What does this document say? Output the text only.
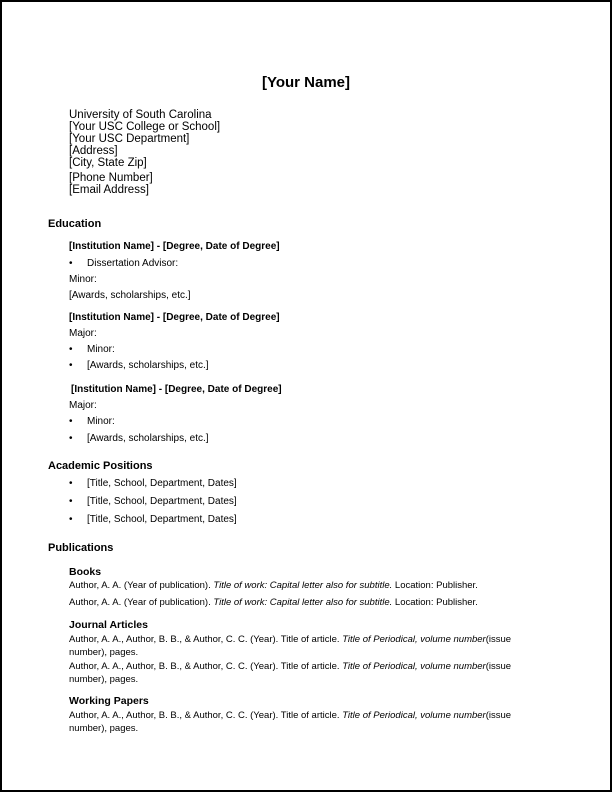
[Your Name]
University of South Carolina
[Your USC College or School]
[Your USC Department]
[Address]
[City, State Zip]
[Phone Number]
[Email Address]
Education
[Institution Name] - [Degree, Date of Degree]
•Dissertation Advisor:
Minor:
[Awards, scholarships, etc.]
[Institution Name] - [Degree, Date of Degree]
Major:
•Minor:
•[Awards, scholarships, etc.]
[Institution Name] - [Degree, Date of Degree]
Major:
•Minor:
•[Awards, scholarships, etc.]
Academic Positions
•[Title, School, Department, Dates]
•[Title, School, Department, Dates]
•[Title, School, Department, Dates]
Publications
Books

Author, A. A. (Year of publication). Title of work: Capital letter also for subtitle. Location: Publisher.

Author, A. A. (Year of publication). Title of work: Capital letter also for subtitle. Location: Publisher.

Journal Articles

Author, A. A., Author, B. B., & Author, C. C. (Year). Title of article. Title of Periodical, volume number(issue number), pages.

Author, A. A., Author, B. B., & Author, C. C. (Year). Title of article. Title of Periodical, volume number(issue number), pages.

Working Papers

Author, A. A., Author, B. B., & Author, C. C. (Year). Title of article. Title of Periodical, volume number(issue number), pages.
